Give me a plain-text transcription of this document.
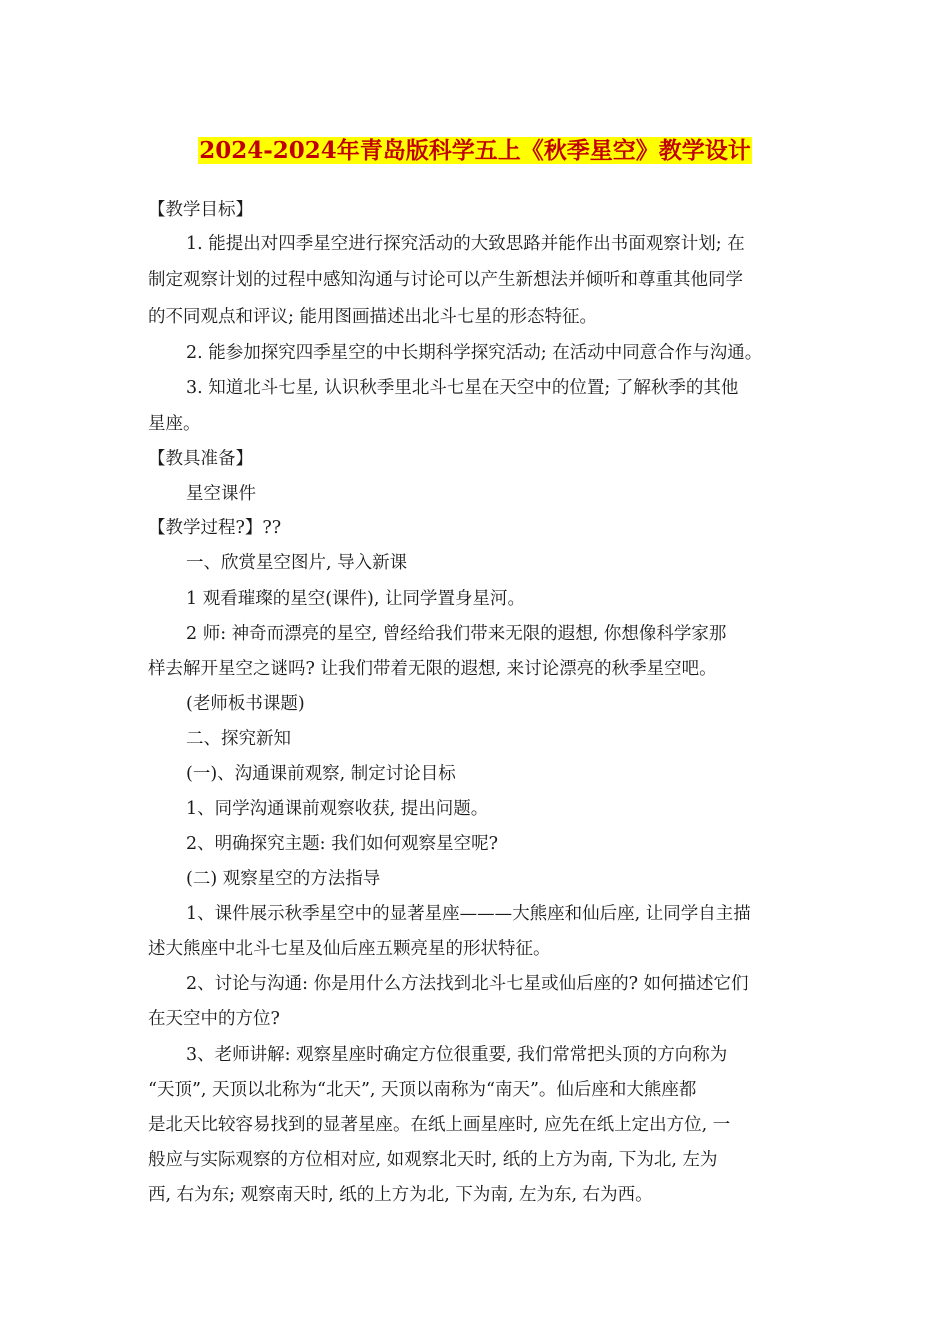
2024-2024年青岛版科学五上《秋季星空》教学设计
【教学目标】
1. 能提出对四季星空进行探究活动的大致思路并能作出书面观察计划; 在
制定观察计划的过程中感知沟通与讨论可以产生新想法并倾听和尊重其他同学
的不同观点和评议; 能用图画描述出北斗七星的形态特征。
2. 能参加探究四季星空的中长期科学探究活动; 在活动中同意合作与沟通。
3. 知道北斗七星, 认识秋季里北斗七星在天空中的位置; 了解秋季的其他
星座。
【教具准备】
星空课件
【教学过程?】??
一、欣赏星空图片, 导入新课
1 观看璀璨的星空(课件), 让同学置身星河。
2 师: 神奇而漂亮的星空, 曾经给我们带来无限的遐想, 你想像科学家那
样去解开星空之谜吗? 让我们带着无限的遐想, 来讨论漂亮的秋季星空吧。
(老师板书课题)
二、探究新知
(一)、沟通课前观察, 制定讨论目标
1、同学沟通课前观察收获, 提出问题。
2、明确探究主题: 我们如何观察星空呢?
(二) 观察星空的方法指导
1、课件展示秋季星空中的显著星座———大熊座和仙后座, 让同学自主描
述大熊座中北斗七星及仙后座五颗亮星的形状特征。
2、讨论与沟通: 你是用什么方法找到北斗七星或仙后座的? 如何描述它们
在天空中的方位?
3、老师讲解: 观察星座时确定方位很重要, 我们常常把头顶的方向称为
“天顶”, 天顶以北称为“北天”, 天顶以南称为“南天”。仙后座和大熊座都
是北天比较容易找到的显著星座。在纸上画星座时, 应先在纸上定出方位, 一
般应与实际观察的方位相对应, 如观察北天时, 纸的上方为南, 下为北, 左为
西, 右为东; 观察南天时, 纸的上方为北, 下为南, 左为东, 右为西。
